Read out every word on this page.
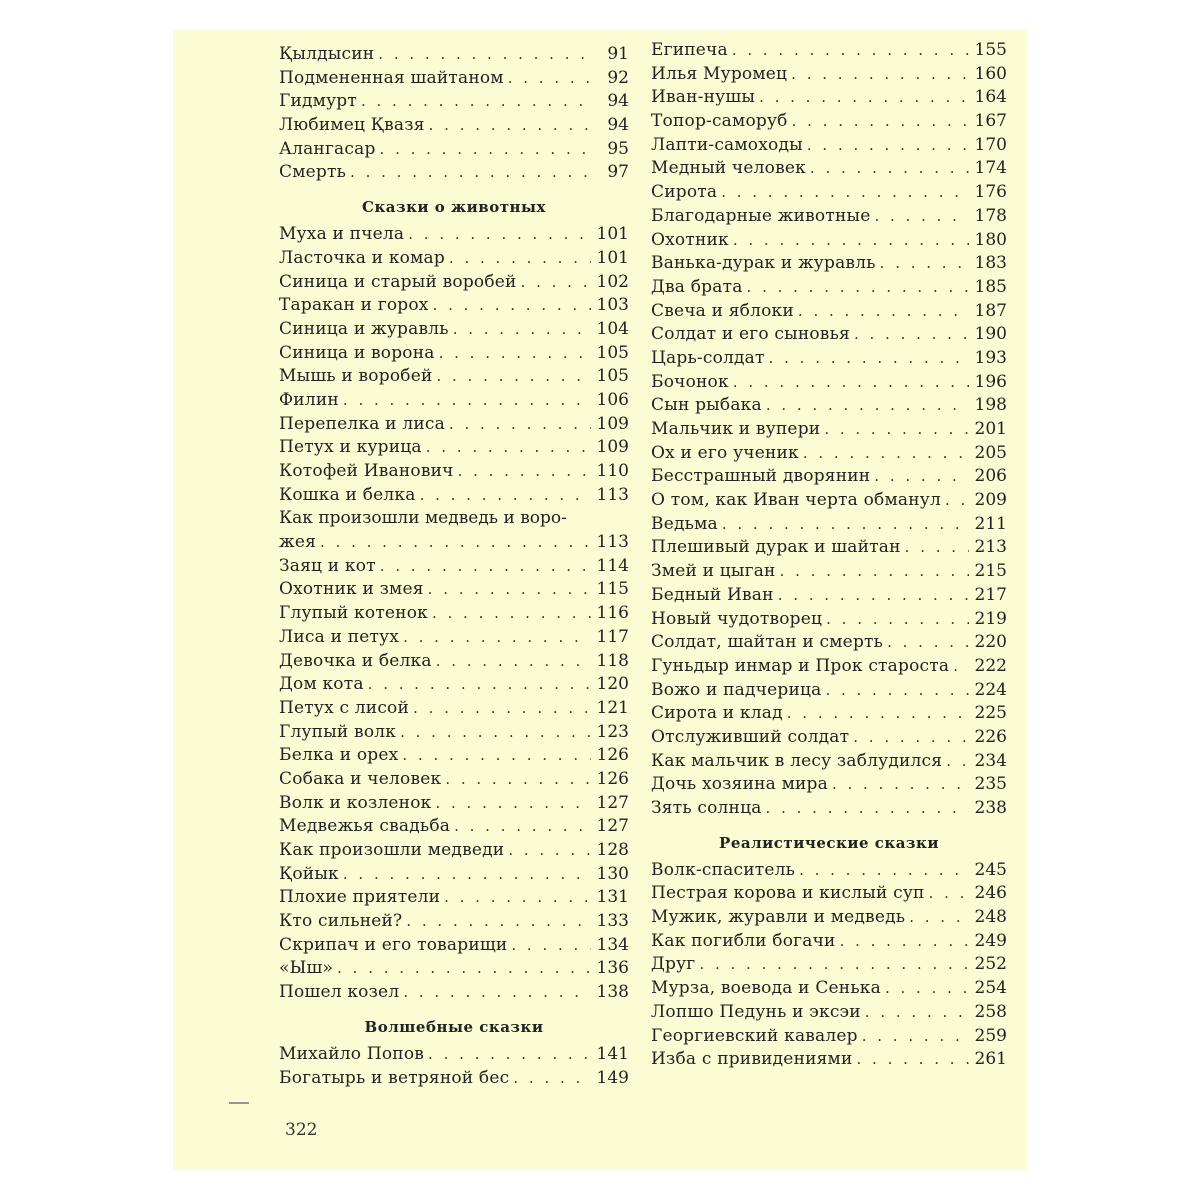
Қылдысин . . .	91
Подмененная шайтаном . . .	92
Гидмурт . . .	94
Любимец Қвазя . . .	94
Алангасар . . .	95
Смерть . . .	97
Сказки о животных
Муха и пчела . . .	101
Ласточка и комар . . .	101
Синица и старый воробей . . .	102
Таракан и горох . . .	103
Синица и журавль . . .	104
Синица и ворона . . .	105
Мышь и воробей . . .	105
Филин . . .	106
Перепелка и лиса . . .	109
Петух и курица . . .	109
Котофей Иванович . . .	110
Кошка и белка . . .	113
Как произошли медведь и воро-
жея . . .	113
Заяц и кот . . .	114
Охотник и змея . . .	115
Глупый котенок . . .	116
Лиса и петух . . .	117
Девочка и белка . . .	118
Дом кота . . .	120
Петух с лисой . . .	121
Глупый волк . . .	123
Белка и орех . . .	126
Собака и человек . . .	126
Волк и козленок . . .	127
Медвежья свадьба . . .	127
Как произошли медведи . . .	128
Қойык . . .	130
Плохие приятели . . .	131
Кто сильней? . . .	133
Скрипач и его товарищи . . .	134
«Ыш» . . .	136
Пошел козел . . .	138
Волшебные сказки
Михайло Попов . . .	141
Богатырь и ветряной бес . . .	149
Египеча . . .	155
Илья Муромец . . .	160
Иван-нушы . . .	164
Топор-саморуб . . .	167
Лапти-самоходы . . .	170
Медный человек . . .	174
Сирота . . .	176
Благодарные животные . . .	178
Охотник . . .	180
Ванька-дурак и журавль . . .	183
Два брата . . .	185
Свеча и яблоки . . .	187
Солдат и его сыновья . . .	190
Царь-солдат . . .	193
Бочонок . . .	196
Сын рыбака . . .	198
Мальчик и вупери . . .	201
Ох и его ученик . . .	205
Бесстрашный дворянин . . .	206
О том, как Иван черта обманул . . . 209
Ведьма . . .	211
Плешивый дурак и шайтан . . .	213
Змей и цыган . . .	215
Бедный Иван . . .	217
Новый чудотворец . . .	219
Солдат, шайтан и смерть . . .	220
Гуньдыр инмар и Прок староста . . . 222
Вожо и падчерица . . .	224
Сирота и клад . . .	225
Отслуживший солдат . . .	226
Как мальчик в лесу заблудился . . . 234
Дочь хозяина мира . . .	235
Зять солнца . . .	238
Реалистические сказки
Волк-спаситель . . .	245
Пестрая корова и кислый суп . . .	246
Мужик, журавли и медведь . . .	248
Как погибли богачи . . .	249
Друг . . .	252
Мурза, воевода и Сенька . . .	254
Лопшо Педунь и эксэи . . .	258
Георгиевский кавалер . . .	259
Изба с привидениями . . .	261
322
